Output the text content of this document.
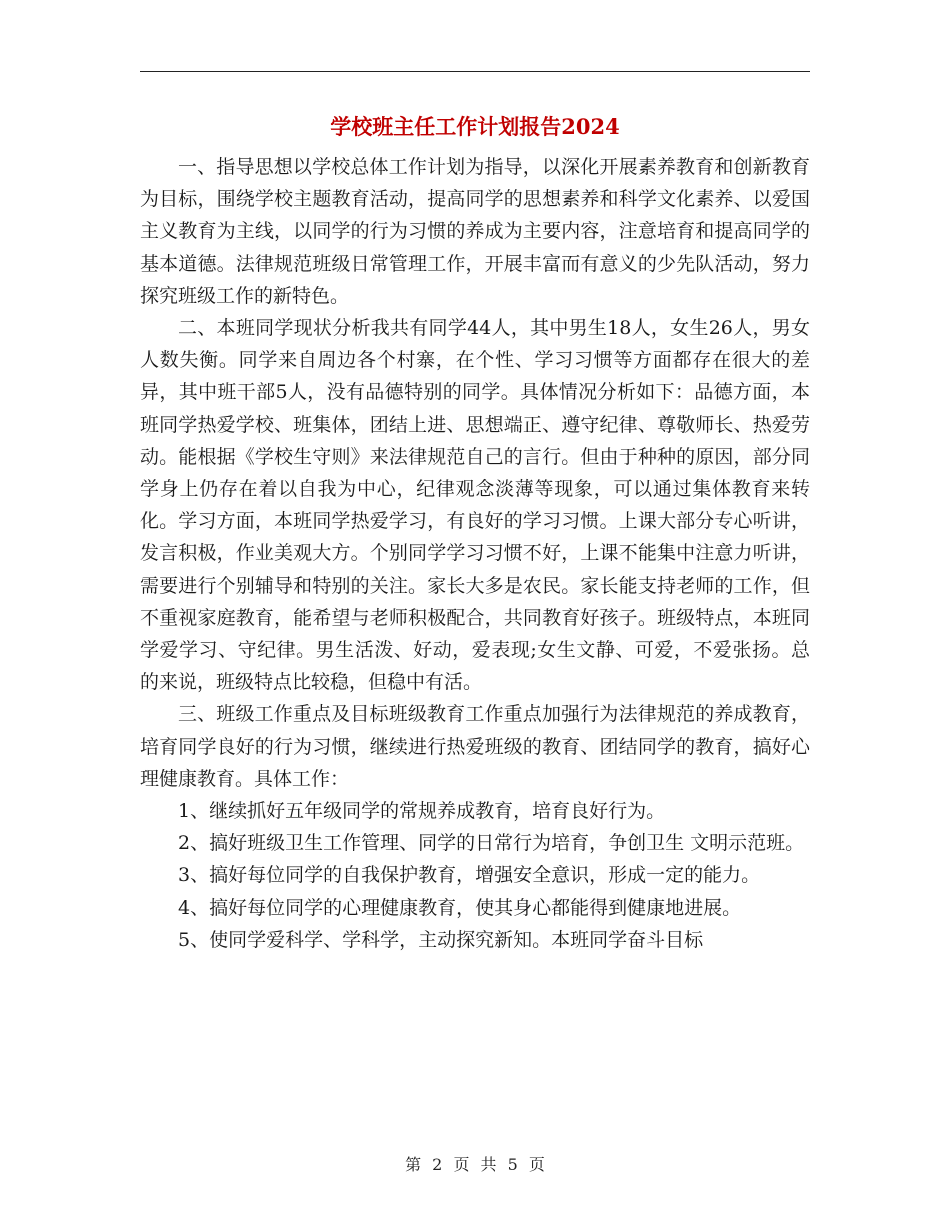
学校班主任工作计划报告2024

一、指导思想以学校总体工作计划为指导，以深化开展素养教育和创新教育为目标，围绕学校主题教育活动，提高同学的思想素养和科学文化素养、以爱国主义教育为主线，以同学的行为习惯的养成为主要内容，注意培育和提高同学的基本道德。法律规范班级日常管理工作，开展丰富而有意义的少先队活动，努力探究班级工作的新特色。

二、本班同学现状分析我共有同学44人，其中男生18人，女生26人，男女人数失衡。同学来自周边各个村寨，在个性、学习习惯等方面都存在很大的差异，其中班干部5人，没有品德特别的同学。具体情况分析如下：品德方面，本班同学热爱学校、班集体，团结上进、思想端正、遵守纪律、尊敬师长、热爱劳动。能根据《学校生守则》来法律规范自己的言行。但由于种种的原因，部分同学身上仍存在着以自我为中心，纪律观念淡薄等现象，可以通过集体教育来转化。学习方面，本班同学热爱学习，有良好的学习习惯。上课大部分专心听讲，发言积极，作业美观大方。个别同学学习习惯不好，上课不能集中注意力听讲，需要进行个别辅导和特别的关注。家长大多是农民。家长能支持老师的工作，但不重视家庭教育，能希望与老师积极配合，共同教育好孩子。班级特点，本班同学爱学习、守纪律。男生活泼、好动，爱表现;女生文静、可爱，不爱张扬。总的来说，班级特点比较稳，但稳中有活。

三、班级工作重点及目标班级教育工作重点加强行为法律规范的养成教育，培育同学良好的行为习惯，继续进行热爱班级的教育、团结同学的教育，搞好心理健康教育。具体工作：

1、继续抓好五年级同学的常规养成教育，培育良好行为。

2、搞好班级卫生工作管理、同学的日常行为培育，争创卫生 文明示范班。

3、搞好每位同学的自我保护教育，增强安全意识，形成一定的能力。

4、搞好每位同学的心理健康教育，使其身心都能得到健康地进展。

5、使同学爱科学、学科学，主动探究新知。本班同学奋斗目标

第 2 页 共 5 页
